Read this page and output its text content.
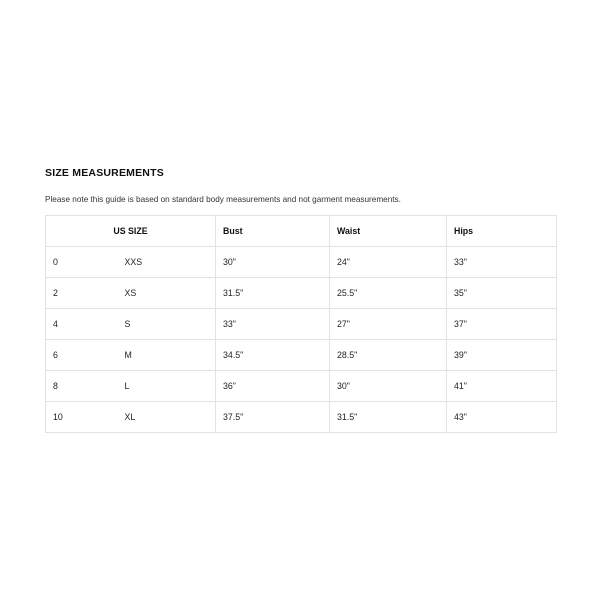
SIZE MEASUREMENTS

Please note this guide is based on standard body measurements and not garment measurements.

US SIZE		Bust	Waist	Hips
0	XXS	30"	24"	33"
2	XS	31.5"	25.5"	35"
4	S	33"	27"	37"
6	M	34.5"	28.5"	39"
8	L	36"	30"	41"
10	XL	37.5"	31.5"	43"
